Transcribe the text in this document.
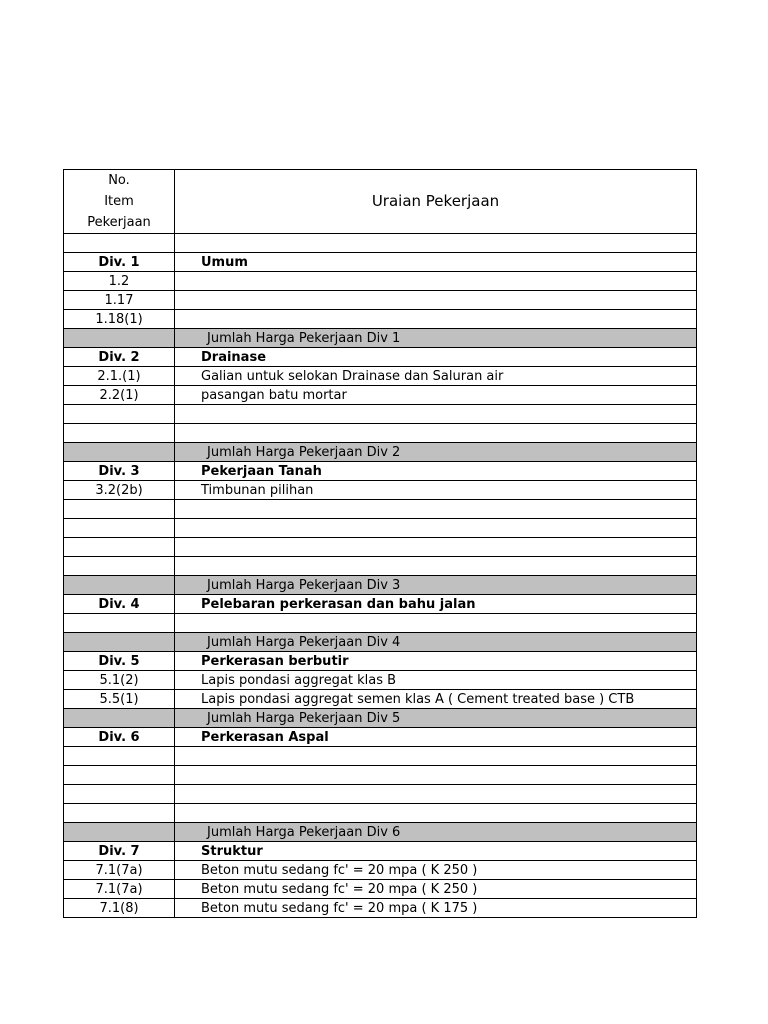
No.
Item
Pekerjaan	Uraian Pekerjaan

Div. 1	Umum
1.2	
1.17	
1.18(1)	
	Jumlah Harga Pekerjaan Div 1
Div. 2	Drainase
2.1.(1)	Galian untuk selokan Drainase dan Saluran air
2.2(1)	pasangan batu mortar

	Jumlah Harga Pekerjaan Div 2
Div. 3	Pekerjaan Tanah
3.2(2b)	Timbunan pilihan

	Jumlah Harga Pekerjaan Div 3
Div. 4	Pelebaran perkerasan dan bahu jalan

	Jumlah Harga Pekerjaan Div 4
Div. 5	Perkerasan berbutir
5.1(2)	Lapis pondasi aggregat klas B
5.5(1)	Lapis pondasi aggregat semen klas A ( Cement treated base ) CTB
	Jumlah Harga Pekerjaan Div 5
Div. 6	Perkerasan Aspal

	Jumlah Harga Pekerjaan Div 6
Div. 7	Struktur
7.1(7a)	Beton mutu sedang fc' = 20 mpa ( K 250 )
7.1(7a)	Beton mutu sedang fc' = 20 mpa ( K 250 )
7.1(8)	Beton mutu sedang fc' = 20 mpa ( K 175 )
